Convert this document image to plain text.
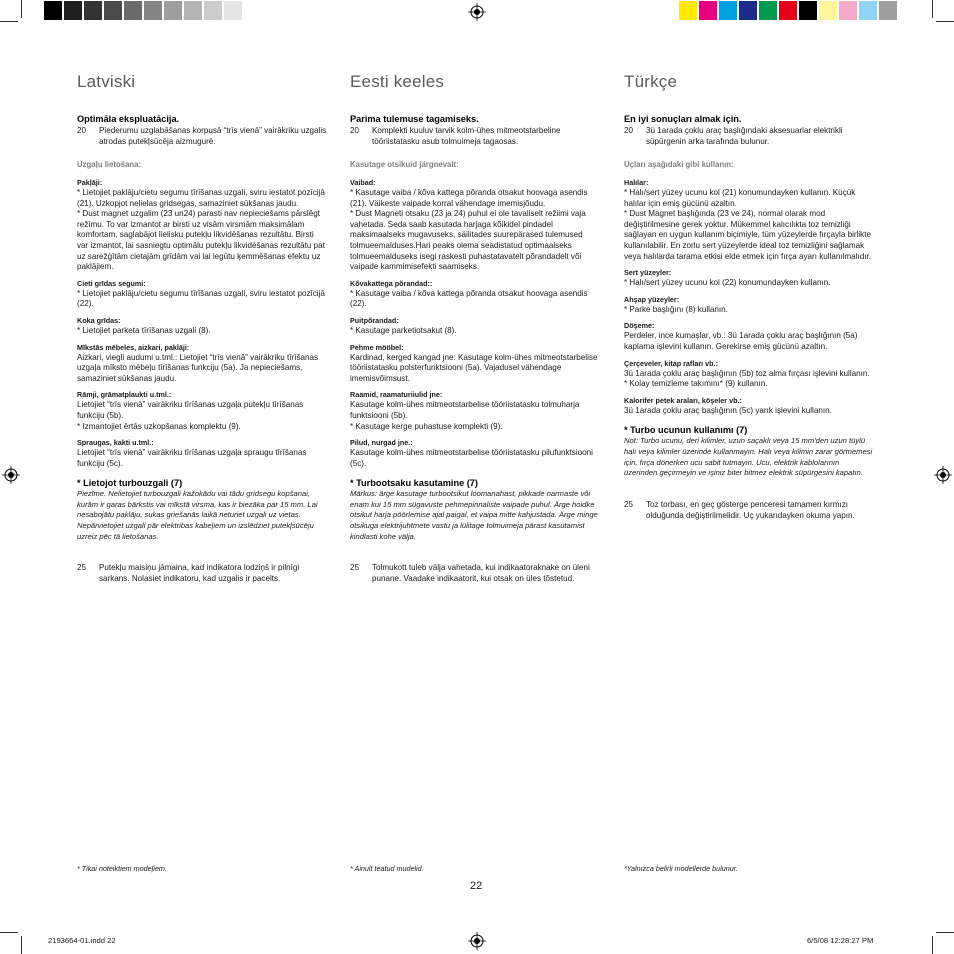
Latviski
Optimāla ekspluatācija.
20	Piederumu uzglabāšanas korpusā “trīs vienā” vairākriku uzgalis atrodas putekļsūcēja aizmugurē.
Uzgaļu lietošana:
Pakļāji:
* Lietojiet paklāju/cietu segumu tīrīšanas uzgali, sviru iestatot pozīcijā (21). Uzkopjot nelielas gridsegas, samaziniet sūkšanas jaudu.
* Dust magnet uzgalim (23 un24) parasti nav nepieciešams pārslēgt režīmu. To var izmantot ar birsti uz visām virsmām maksimālam komfortam, saglabājot lielisku putekļu likvidēšanas rezultātu. Birsti var izmantot, lai sasniegtu optimālu putekļu likvidēšanas rezultātu pat uz sarežģītām cietajām grīdām vai lai iegūtu ķemmēšanas efektu uz paklājiem.
Cieti grīdas segumi:
* Lietojiet paklāju/cietu segumu tīrīšanas uzgali, sviru iestatot pozīcijā (22).
Koka grīdas:
* Lietojiet parketa tīrīšanas uzgali (8).
Mīkstās mēbeles, aizkari, paklāji:
Aizkari, viegli audumi u.tml.: Lietojiet “trīs vienā” vairākriku tīrīšanas uzgaļa mīksto mēbeļu tīrīšanas funkciju (5a). Ja nepieciešams, samaziniet sūkšanas jaudu.
Rāmji, grāmatplaukti u.tml.:
Lietojiet “trīs vienā” vairākriku tīrīšanas uzgaļa putekļu tīrīšanas funkciju (5b).
* Izmantojiet ērtās uzkopšanas komplektu (9).
Spraugas, kakti u.tml.:
Lietojiet “trīs vienā” vairākriku tīrīšanas uzgaļa spraugu tīrīšanas funkciju (5c).
* Lietojot turbouzgali (7)
Piezīme. Nelietojiet turbouzgali kažokādu vai tādu gridsegu kopšanai, kurām ir garas bārkstis vai mīkstā virsma, kas ir biezāka par 15 mm. Lai nesabojātu paklāju, sukas griešanās laikā neturiet uzgali uz vietas. Nepārvietojiet uzgali pār elektribas kabeļiem un izslēdziet putekļsūcēju uzreiz pēc tā lietošanas.
25	Putekļu maisiņu jāmaina, kad indikatora lodziņš ir pilnīgi sarkans. Nolasiet indikatoru, kad uzgalis ir pacelts.
Eesti keeles
Parima tulemuse tagamiseks.
20	Komplekti kuuluv tarvik kolm-ühes mitmeotstarbeline tööriistatasku asub tolmuimeja tagaosas.
Kasutage otsikuid järgnevalt:
Vaibad:
* Kasutage vaiba / kõva kattega põranda otsakut hoovaga asendis (21). Väikeste vaipade korral vähendage imemisjõudu.
* Dust Magneti otsaku (23 ja 24) puhul ei ole tavaliselt režiimi vaja vahetada. Seda saab kasutada harjaga kõikidel pindadel maksimaalseks mugavuseks, säilitades suurepärased tulemused tolmueemalduses.Hari peaks olema seadistatud optimaalseks tolmueemalduseks isegi raskesti puhastatavatelt põrandadelt või vaipade kammimisefekti saamiseks.
Kõvakattega põrandad::
* Kasutage vaiba / kõva kattega põranda otsakut hoovaga asendis (22).
Puitpõrandad:
* Kasutage parketiotsakut (8).
Pehme mööbel:
Kardinad, kerged kangad jne: Kasutage kolm-ühes mitmeotstarbelise tööriistatasku polsterfunktsiooni (5a). Vajadusel vähendage imemisvõimsust.
Raamid, raamaturiiulid jne:
Kasutage kolm-ühes mitmeotstarbelise tööriistatasku tolmuharja funktsiooni (5b).
* Kasutage kerge puhastuse komplekti (9).
Pilud, nurgad jne.:
Kasutage kolm-ühes mitmeotstarbelise tööriistatasku pilufunktsiooni (5c).
* Turbootsaku kasutamine (7)
Märkus: ärge kasutage turbootsikut loomanahast, pikkade narmaste või enam kui 15 mm sügavuste pehmepinnaliste vaipade puhul. Ärge hoidke otsikut harja pöörlemise ajal paigal, et vaipa mitte kahjustada. Ärge minge otsikuga elektrijuhtmete vastu ja lülitage tolmuimeja pärast kasutamist kindlasti kohe välja.
25	Tolmukott tuleb välja vahetada, kui indikaatoraknake on üleni punane. Vaadake indikaatorit, kui otsak on üles tõstetud.
Türkçe
En iyi sonuçları almak için.
20	3ü 1arada çoklu araç başlığındaki aksesuarlar elektrikli süpürgenin arka tarafında bulunur.
Uçları aşağıdaki gibi kullanın:
Halılar:
* Halı/sert yüzey ucunu kol (21) konumundayken kullanın. Küçük halılar için emiş gücünü azaltın.
* Dust Magnet başlığında (23 ve 24), normal olarak mod değiştirilmesine gerek yoktur. Mükemmel kalıcılıkta toz temizliği sağlayan en uygun kullanım biçimiyle, tüm yüzeylerde fırçayla birlikte kullanılabilir. En zorlu sert yüzeylerde ideal toz temizliğini sağlamak veya halılarda tarama etkisi elde etmek için fırça ayarı kullanılmalıdır.
Sert yüzeyler:
* Halı/sert yüzey ucunu kol (22) konumundayken kullanın.
Ahşap yüzeyler:
* Parke başlığını (8) kullanın.
Döşeme:
Perdeler, ince kumaşlar, vb.: 3ü 1arada çoklu araç başlığının (5a) kaplama işlevini kullanın. Gerekirse emiş gücünü azaltın.
Çerçeveler, kitap rafları vb.:
3ü 1arada çoklu araç başlığının (5b) toz alma fırçası işlevini kullanın.
* Kolay temizleme takımını* (9) kullanın.
Kalorifer petek araları, köşeler vb.:
3ü 1arada çoklu araç başlığının (5c) yarık işlevini kullanın.
* Turbo ucunun kullanımı (7)
Not: Turbo ucunu, deri kilimler, uzun saçaklı veya 15 mm'den uzun tüylü halı veya kilimler üzerinde kullanmayın. Halı veya kilimin zarar görmemesi için, fırça dönerken ucu sabit tutmayın. Ucu, elektrik kablolarının üzerinden geçirmeyin ve işiniz biter bitmez elektrik süpürgesini kapatın.
25	Toz torbası, en geç gösterge penceresi tamamen kırmızı olduğunda değiştirilmelidir. Uç yukarıdayken okuma yapın.
* Tikai noteiktiem modeļiem.	* Ainult teatud mudelid.	*Yalnızca belirli modellerde bulunur.
22
2193664-01.indd 22	6/5/08 12:28:27 PM
